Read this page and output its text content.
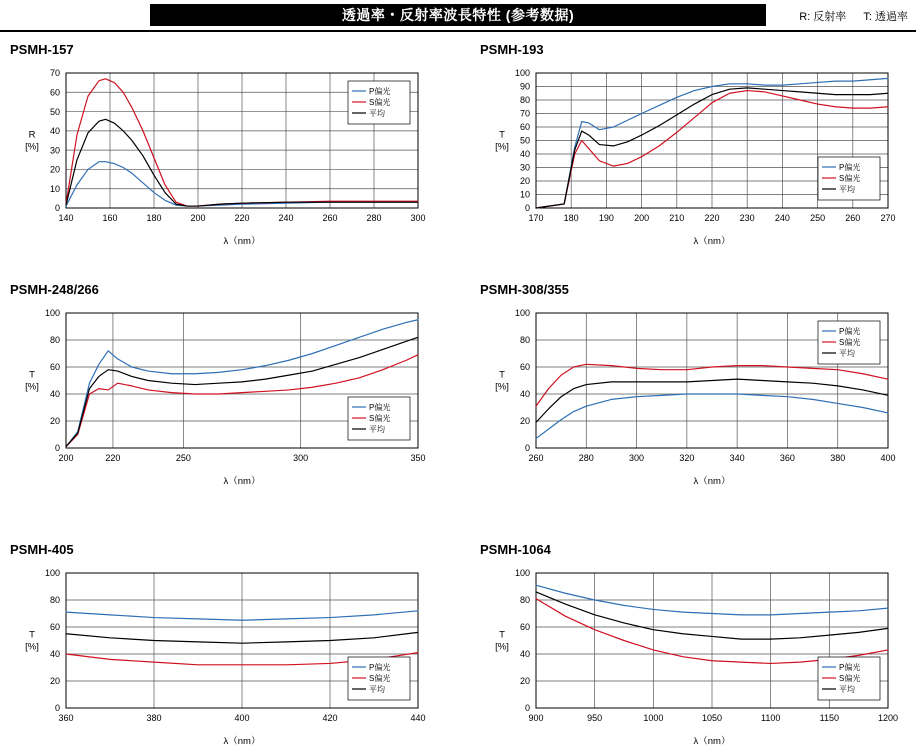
透過率・反射率波長特性 (参考数据)	R: 反射率 T: 透過率
PSMH-157
140	160	180	200	220	240	260	280	300
0
10
20
30
40
50
60
70
λ（nm）
R
[%]
P偏光
S偏光
平均
PSMH-193
170 180 190 200 210 220 230 240 250 260 270
0
10
20
30
40
50
60
70
80
90
100
λ（nm）
T
[%]
P偏光
S偏光
平均
PSMH-248/266
200	220	250	300	350
0
20
40
60
80
100
λ（nm）
T
[%]
P偏光
S偏光
平均
PSMH-308/355
260	280	300	320	340	360	380	400
0
20
40
60
80
100
λ（nm）
T
[%]
P偏光
S偏光
平均
PSMH-405
360	380	400	420	440
0
20
40
60
80
100
λ（nm）
T
[%]
P偏光
S偏光
平均
PSMH-1064
900	950	1000	1050	1100	1150	1200
0
20
40
60
80
100
λ（nm）
T
[%]
P偏光
S偏光
平均
